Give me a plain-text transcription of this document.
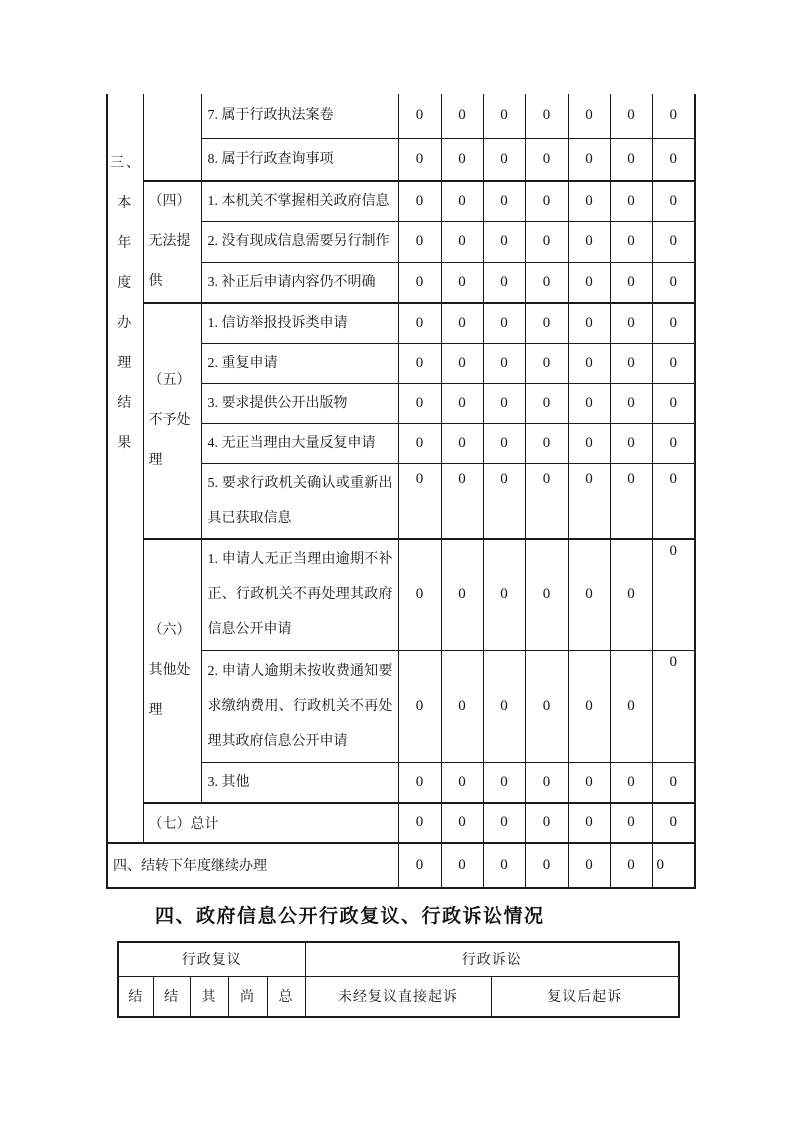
三、本年度办理结果		7. 属于行政执法案卷	0	0	0	0	0	0	0
		8. 属于行政查询事项	0	0	0	0	0	0	0
	（四）无法提供	1. 本机关不掌握相关政府信息	0	0	0	0	0	0	0
		2. 没有现成信息需要另行制作	0	0	0	0	0	0	0
		3. 补正后申请内容仍不明确	0	0	0	0	0	0	0
	（五）不予处理	1. 信访举报投诉类申请	0	0	0	0	0	0	0
		2. 重复申请	0	0	0	0	0	0	0
		3. 要求提供公开出版物	0	0	0	0	0	0	0
		4. 无正当理由大量反复申请	0	0	0	0	0	0	0
		5. 要求行政机关确认或重新出具已获取信息	0	0	0	0	0	0	0
	（六）其他处理	1. 申请人无正当理由逾期不补正、行政机关不再处理其政府信息公开申请	0	0	0	0	0	0	0
		2. 申请人逾期未按收费通知要求缴纳费用、行政机关不再处理其政府信息公开申请	0	0	0	0	0	0	0
		3. 其他	0	0	0	0	0	0	0
	（七）总计		0	0	0	0	0	0	0
四、结转下年度继续办理			0	0	0	0	0	0	0
四、政府信息公开行政复议、行政诉讼情况
行政复议					行政诉讼	
结	结	其	尚	总	未经复议直接起诉	复议后起诉
